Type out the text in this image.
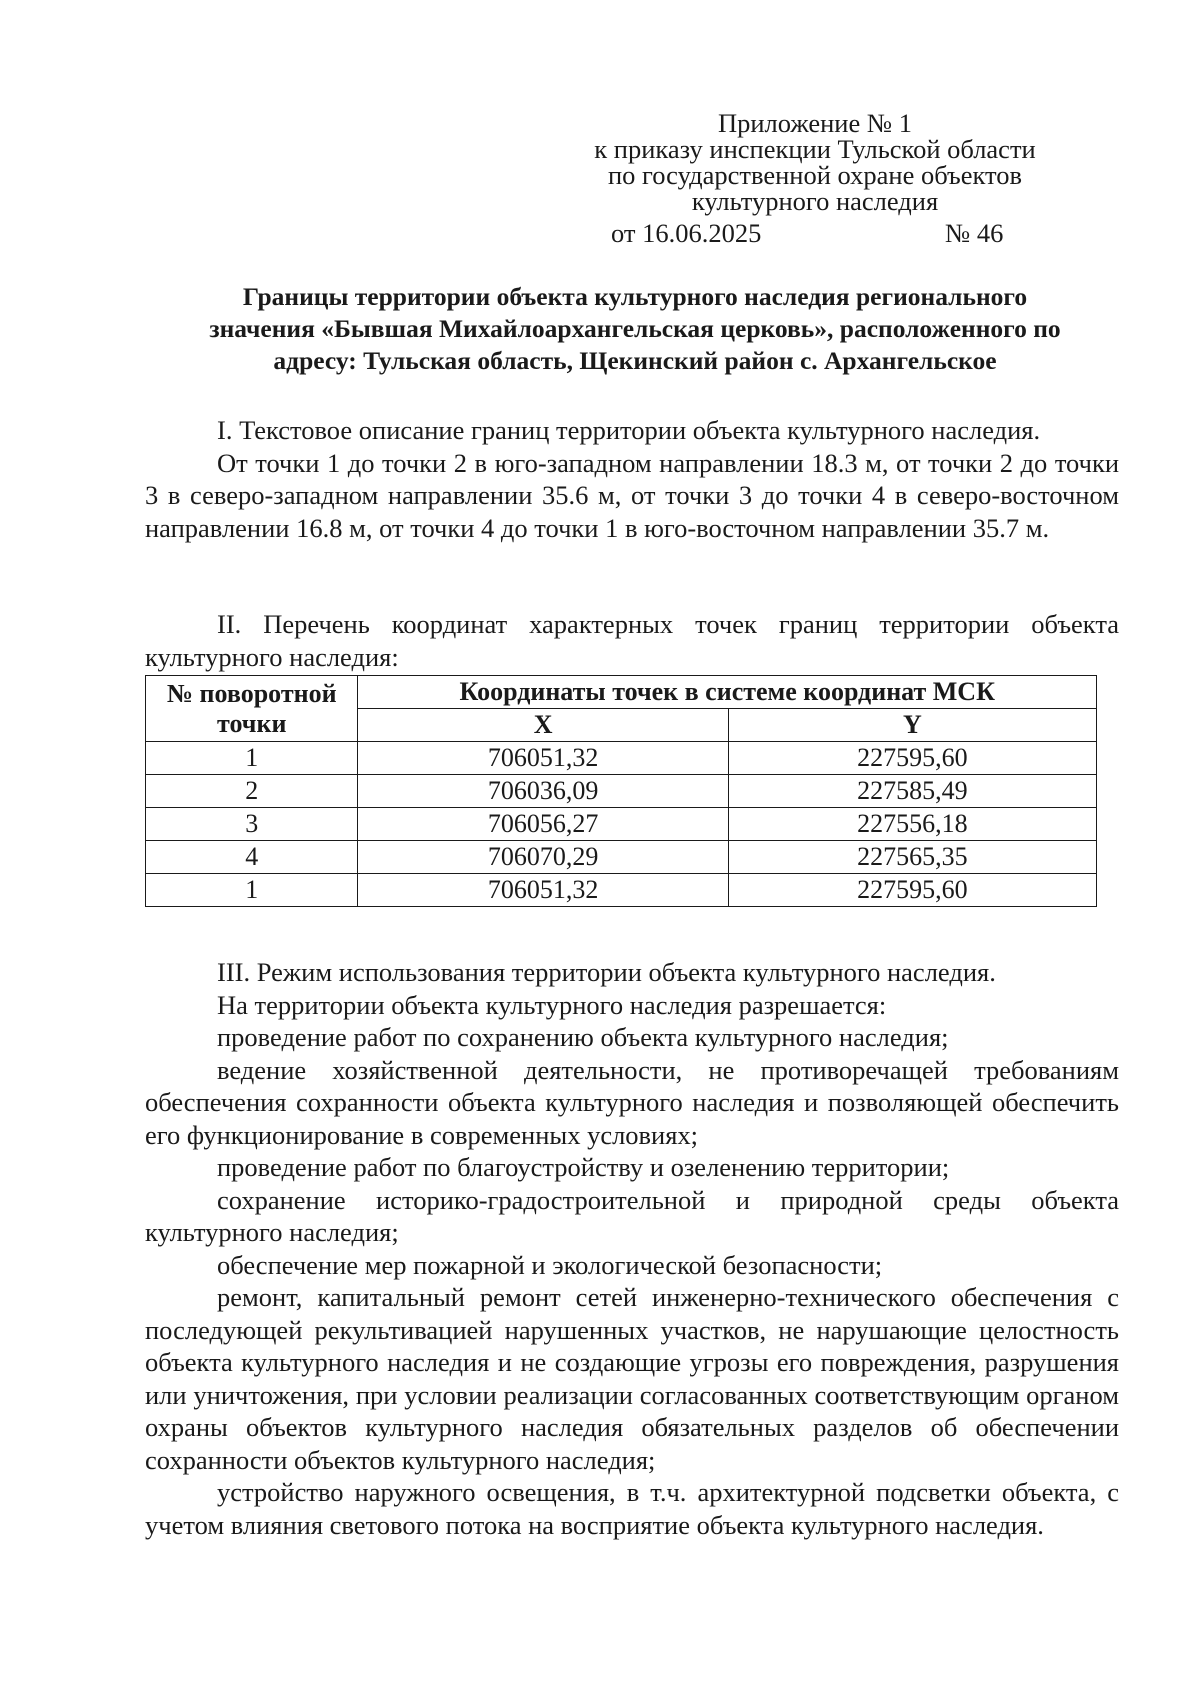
Приложение № 1
к приказу инспекции Тульской области
по государственной охране объектов
культурного наследия
от 16.06.2025	№ 46
Границы территории объекта культурного наследия регионального
значения «Бывшая Михайлоархангельская церковь», расположенного по
адресу: Тульская область, Щекинский район с. Архангельское

I. Текстовое описание границ территории объекта культурного наследия.

От точки 1 до точки 2 в юго-западном направлении 18.3 м, от точки 2 до точки 3 в северо-западном направлении 35.6 м, от точки 3 до точки 4 в северо-восточном направлении 16.8 м, от точки 4 до точки 1 в юго-восточном направлении 35.7 м.

II. Перечень координат характерных точек границ территории объекта культурного наследия:

№ поворотной точки	Координаты точек в системе координат МСК	
	X	Y
1	706051,32	227595,60
2	706036,09	227585,49
3	706056,27	227556,18
4	706070,29	227565,35
1	706051,32	227595,60

III. Режим использования территории объекта культурного наследия.

На территории объекта культурного наследия разрешается:

проведение работ по сохранению объекта культурного наследия;

ведение хозяйственной деятельности, не противоречащей требованиям обеспечения сохранности объекта культурного наследия и позволяющей обеспечить его функционирование в современных условиях;

проведение работ по благоустройству и озеленению территории;

сохранение историко-градостроительной и природной среды объекта культурного наследия;

обеспечение мер пожарной и экологической безопасности;

ремонт, капитальный ремонт сетей инженерно-технического обеспечения с последующей рекультивацией нарушенных участков, не нарушающие целостность объекта культурного наследия и не создающие угрозы его повреждения, разрушения или уничтожения, при условии реализации согласованных соответствующим органом охраны объектов культурного наследия обязательных разделов об обеспечении сохранности объектов культурного наследия;

устройство наружного освещения, в т.ч. архитектурной подсветки объекта, с учетом влияния светового потока на восприятие объекта культурного наследия.
